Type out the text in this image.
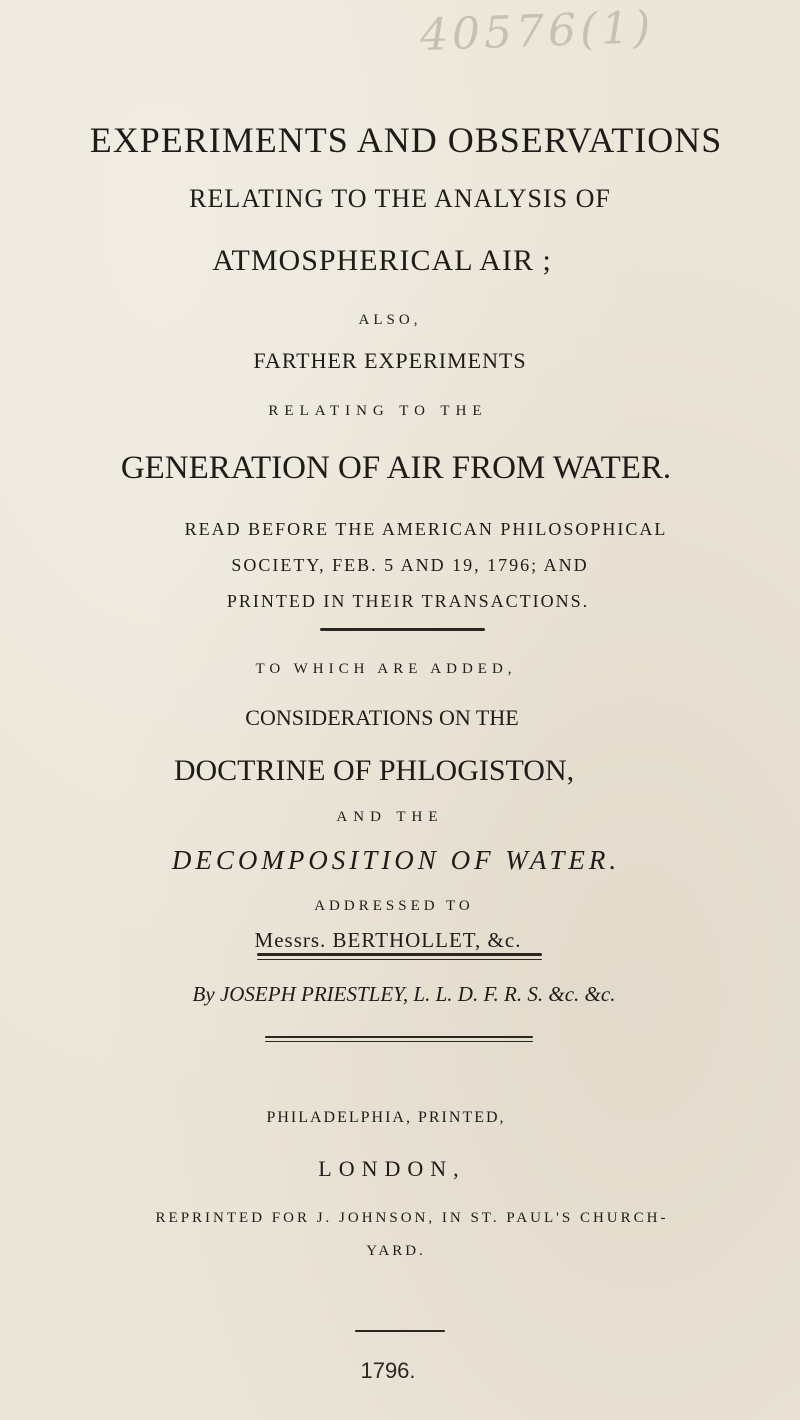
40576(1)
EXPERIMENTS AND OBSERVATIONS
RELATING TO THE ANALYSIS OF
ATMOSPHERICAL AIR ;
ALSO,
FARTHER EXPERIMENTS
RELATING TO THE
GENERATION OF AIR FROM WATER.
READ BEFORE THE AMERICAN PHILOSOPHICAL
SOCIETY, FEB. 5 AND 19, 1796; AND
PRINTED IN THEIR TRANSACTIONS.
TO WHICH ARE ADDED,
CONSIDERATIONS ON THE
DOCTRINE OF PHLOGISTON,
AND THE
DECOMPOSITION OF WATER.
ADDRESSED TO
Messrs. BERTHOLLET, &c.
By JOSEPH PRIESTLEY, L. L. D. F. R. S. &c. &c.
PHILADELPHIA, PRINTED,
LONDON,
REPRINTED FOR J. JOHNSON, IN ST. PAUL'S CHURCH-
YARD.
1796.
